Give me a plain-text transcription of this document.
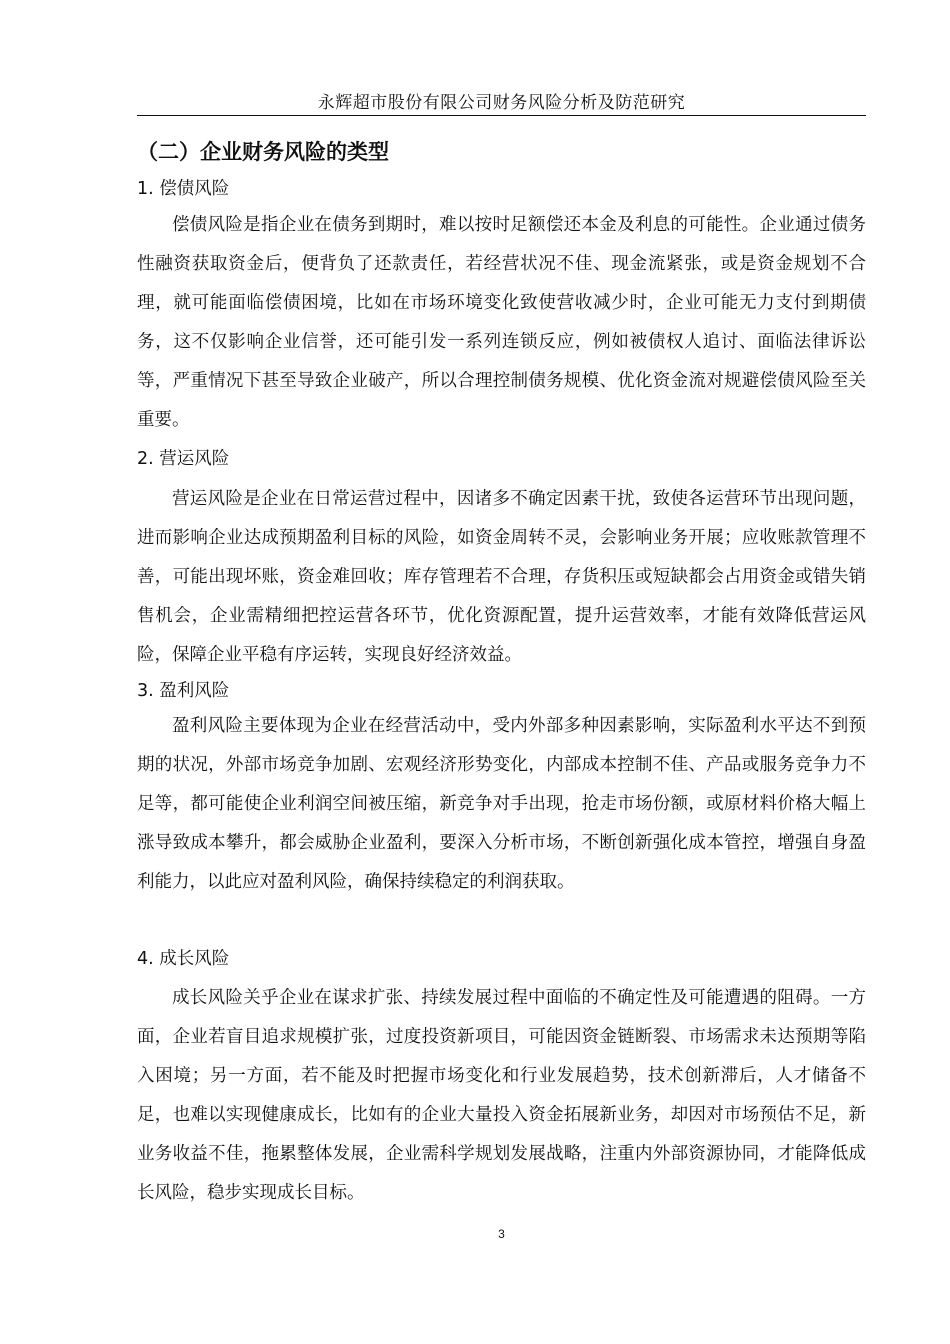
永辉超市股份有限公司财务风险分析及防范研究
（二）企业财务风险的类型
1. 偿债风险

偿债风险是指企业在债务到期时，难以按时足额偿还本金及利息的可能性。企业通过债务性融资获取资金后，便背负了还款责任，若经营状况不佳、现金流紧张，或是资金规划不合理，就可能面临偿债困境，比如在市场环境变化致使营收减少时，企业可能无力支付到期债务，这不仅影响企业信誉，还可能引发一系列连锁反应，例如被债权人追讨、面临法律诉讼等，严重情况下甚至导致企业破产，所以合理控制债务规模、优化资金流对规避偿债风险至关重要。

2. 营运风险

营运风险是企业在日常运营过程中，因诸多不确定因素干扰，致使各运营环节出现问题，进而影响企业达成预期盈利目标的风险，如资金周转不灵，会影响业务开展；应收账款管理不善，可能出现坏账，资金难回收；库存管理若不合理，存货积压或短缺都会占用资金或错失销售机会，企业需精细把控运营各环节，优化资源配置，提升运营效率，才能有效降低营运风险，保障企业平稳有序运转，实现良好经济效益。

3. 盈利风险

盈利风险主要体现为企业在经营活动中，受内外部多种因素影响，实际盈利水平达不到预期的状况，外部市场竞争加剧、宏观经济形势变化，内部成本控制不佳、产品或服务竞争力不足等，都可能使企业利润空间被压缩，新竞争对手出现，抢走市场份额，或原材料价格大幅上涨导致成本攀升，都会威胁企业盈利，要深入分析市场，不断创新强化成本管控，增强自身盈利能力，以此应对盈利风险，确保持续稳定的利润获取。

4. 成长风险

成长风险关乎企业在谋求扩张、持续发展过程中面临的不确定性及可能遭遇的阻碍。一方面，企业若盲目追求规模扩张，过度投资新项目，可能因资金链断裂、市场需求未达预期等陷入困境；另一方面，若不能及时把握市场变化和行业发展趋势，技术创新滞后，人才储备不足，也难以实现健康成长，比如有的企业大量投入资金拓展新业务，却因对市场预估不足，新业务收益不佳，拖累整体发展，企业需科学规划发展战略，注重内外部资源协同，才能降低成长风险，稳步实现成长目标。

3
